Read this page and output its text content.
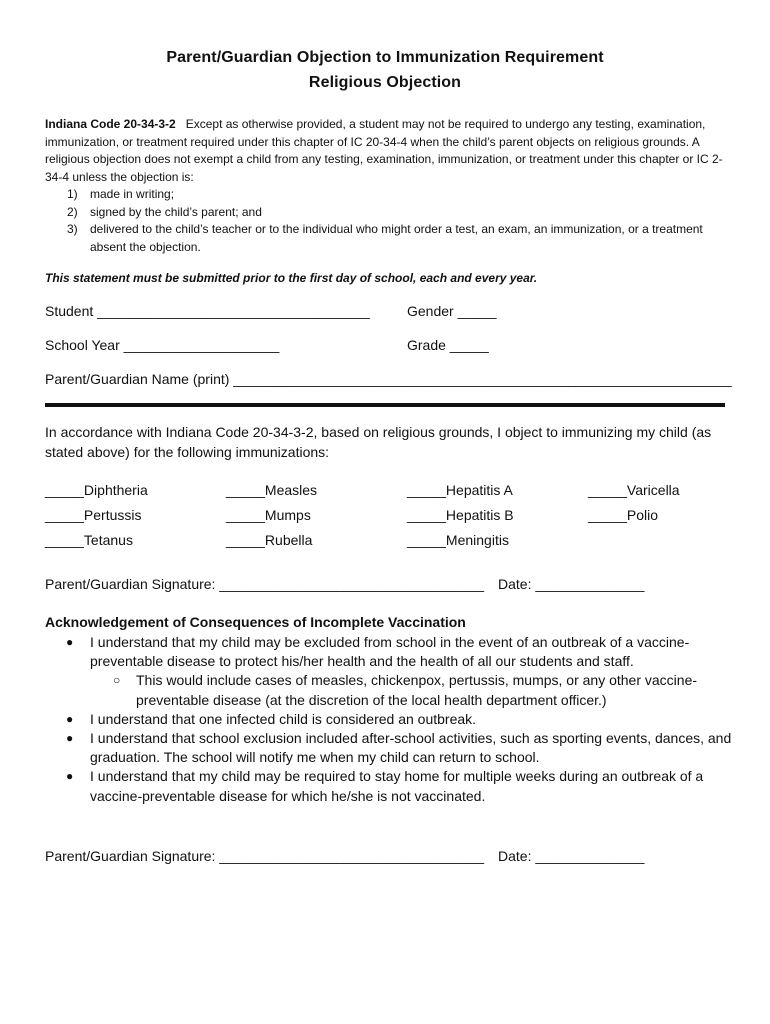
Parent/Guardian Objection to Immunization Requirement
Religious Objection
Indiana Code 20-34-3-2 Except as otherwise provided, a student may not be required to undergo any testing, examination, immunization, or treatment required under this chapter of IC 20-34-4 when the child’s parent objects on religious grounds. A religious objection does not exempt a child from any testing, examination, immunization, or treatment under this chapter or IC 2-34-4 unless the objection is:
1) made in writing;
2) signed by the child’s parent; and
3) delivered to the child’s teacher or to the individual who might order a test, an exam, an immunization, or a treatment absent the objection.
This statement must be submitted prior to the first day of school, each and every year.
Student ___________________________________	Gender _____
School Year ____________________	Grade _____
Parent/Guardian Name (print) ________________________________________________________________
In accordance with Indiana Code 20-34-3-2, based on religious grounds, I object to immunizing my child (as stated above) for the following immunizations:
_____Diphtheria	_____Measles	_____Hepatitis A	_____Varicella
_____Pertussis	_____Mumps	_____Hepatitis B	_____Polio
_____Tetanus	_____Rubella	_____Meningitis
Parent/Guardian Signature: __________________________________ Date: ______________
Acknowledgement of Consequences of Incomplete Vaccination
● I understand that my child may be excluded from school in the event of an outbreak of a vaccine-preventable disease to protect his/her health and the health of all our students and staff.
○ This would include cases of measles, chickenpox, pertussis, mumps, or any other vaccine-preventable disease (at the discretion of the local health department officer.)
● I understand that one infected child is considered an outbreak.
● I understand that school exclusion included after-school activities, such as sporting events, dances, and graduation. The school will notify me when my child can return to school.
● I understand that my child may be required to stay home for multiple weeks during an outbreak of a vaccine-preventable disease for which he/she is not vaccinated.
Parent/Guardian Signature: __________________________________ Date: ______________
